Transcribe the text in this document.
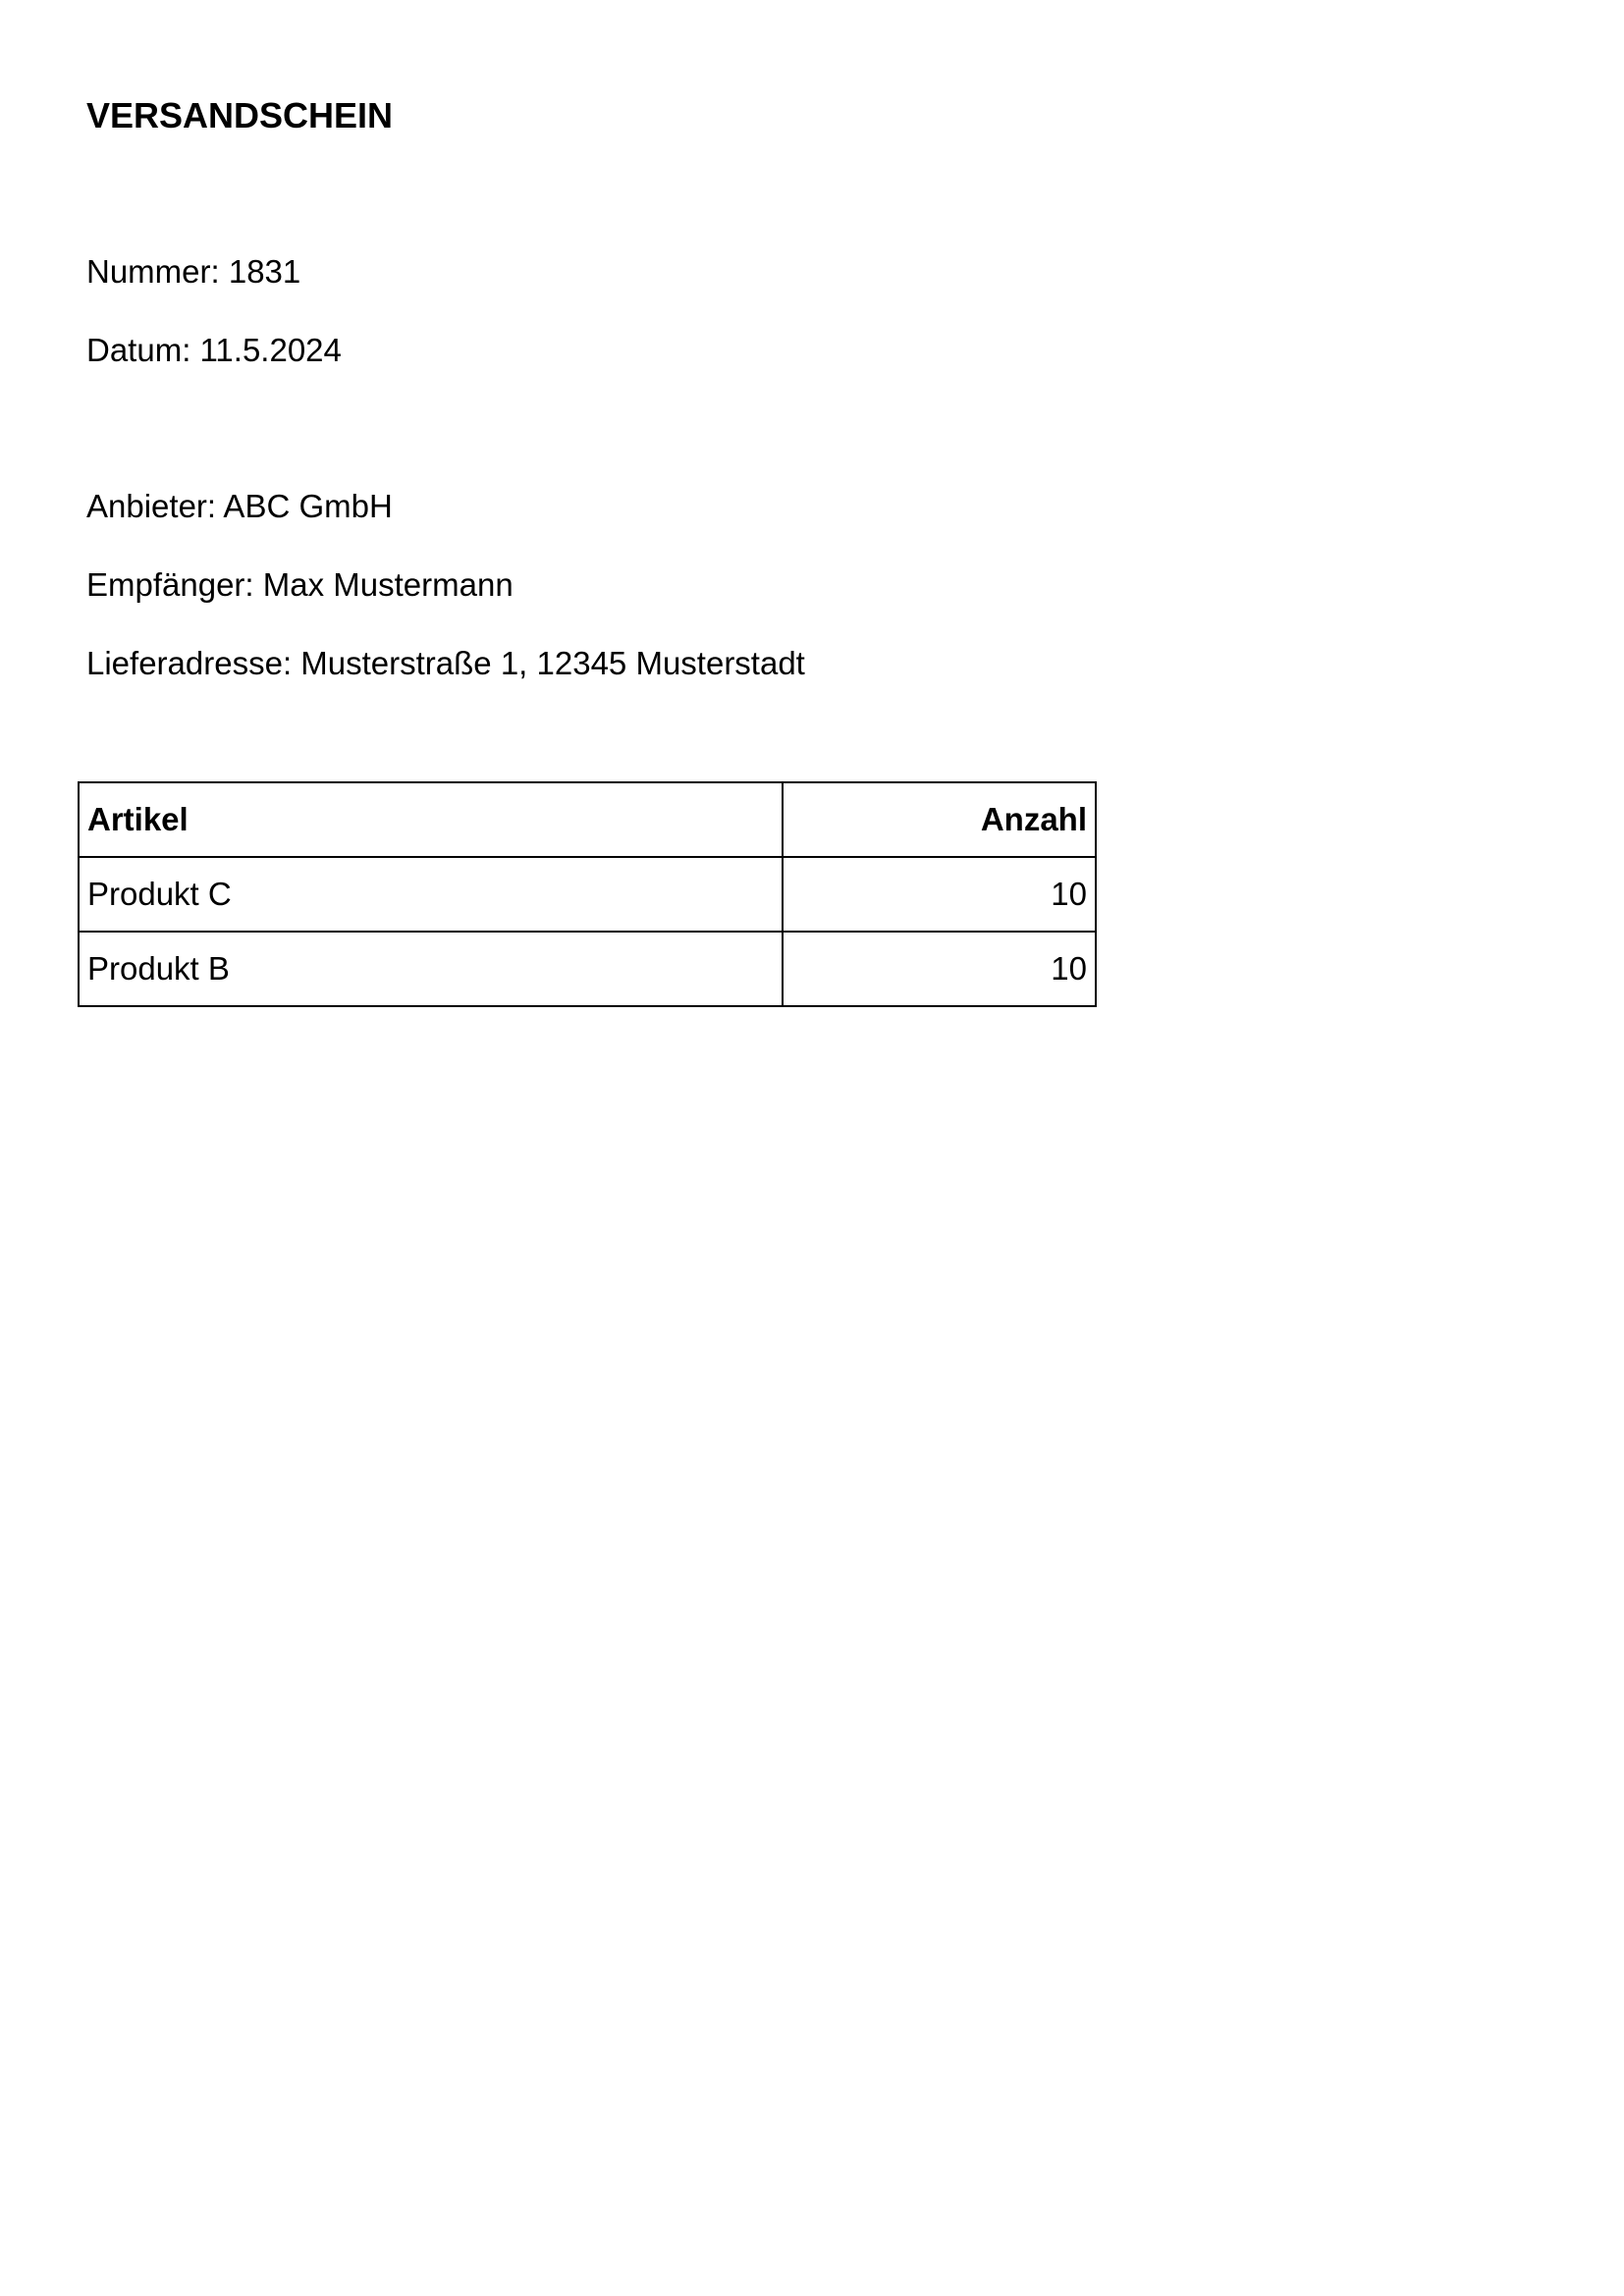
VERSANDSCHEIN

Nummer: 1831

Datum: 11.5.2024

Anbieter: ABC GmbH

Empfänger: Max Mustermann

Lieferadresse: Musterstraße 1, 12345 Musterstadt

Artikel	Anzahl
Produkt C	10
Produkt B	10
